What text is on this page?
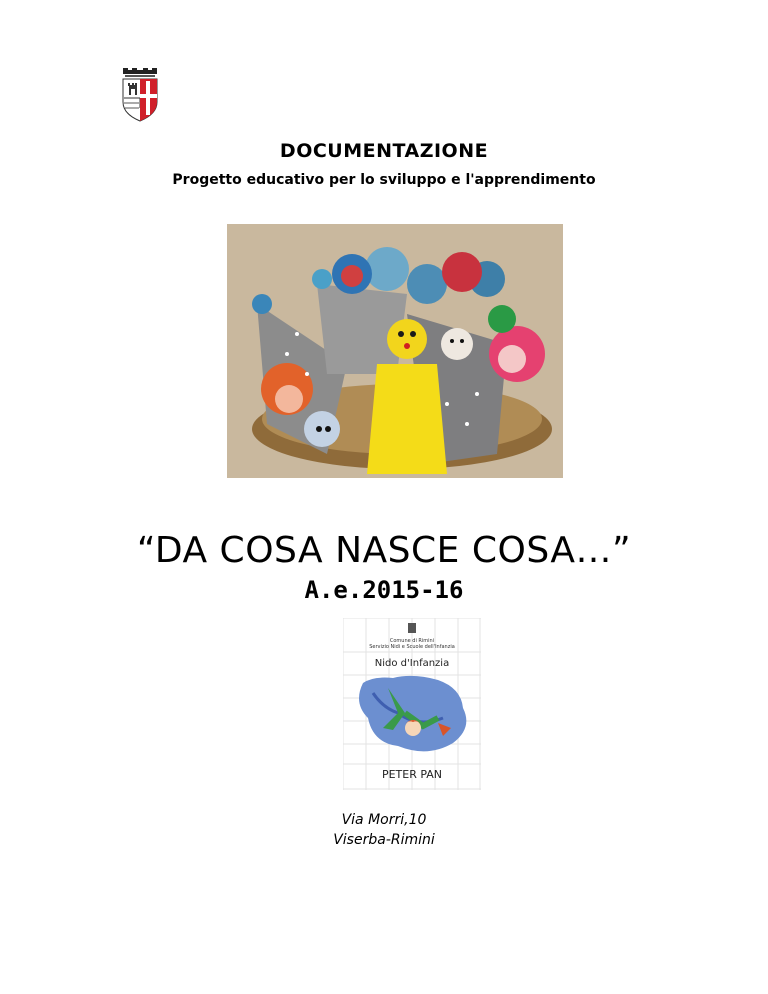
DOCUMENTAZIONE
Progetto educativo per lo sviluppo e l'apprendimento
“DA COSA NASCE COSA…”
A.e.2015-16
Comune di Rimini
Servizio Nidi e Scuole dell'Infanzia
Nido d'Infanzia
PETER PAN
Via Morri,10
Viserba-Rimini
